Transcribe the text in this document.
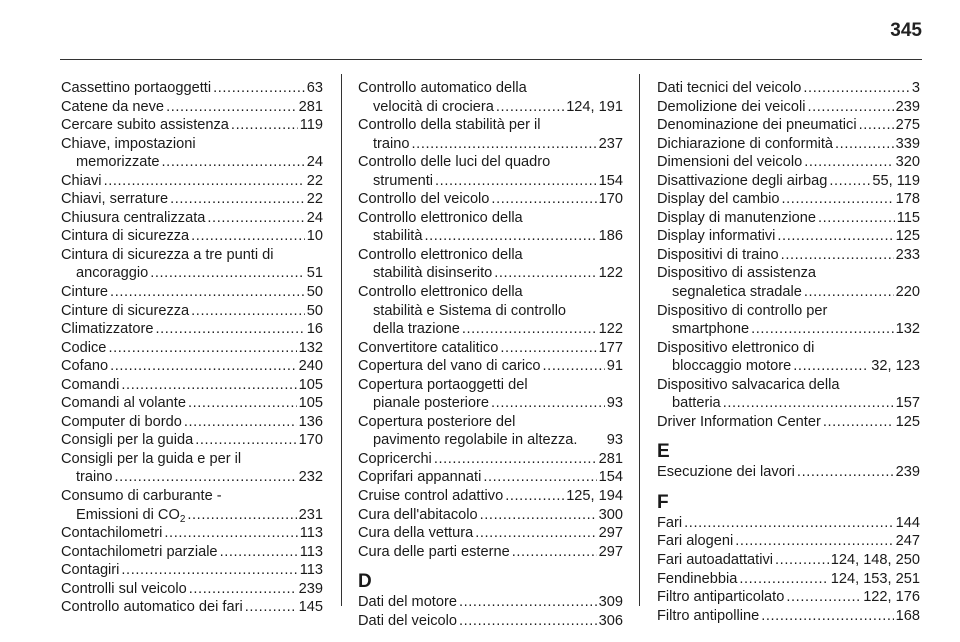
345
Cassettino portaoggetti .....	63
Catene da neve .....	281
Cercare subito assistenza .....	119
Chiave, impostazioni
memorizzate .....	24
Chiavi .....	22
Chiavi, serrature .....	22
Chiusura centralizzata .....	24
Cintura di sicurezza .....	10
Cintura di sicurezza a tre punti di
ancoraggio .....	51
Cinture .....	50
Cinture di sicurezza .....	50
Climatizzatore .....	16
Codice .....	132
Cofano .....	240
Comandi .....	105
Comandi al volante .....	105
Computer di bordo .....	136
Consigli per la guida .....	170
Consigli per la guida e per il
traino .....	232
Consumo di carburante -
Emissioni di $CO_2$ .....	231
Contachilometri .....	113
Contachilometri parziale .....	113
Contagiri .....	113
Controlli sul veicolo .....	239
Controllo automatico dei fari .....	145
Controllo automatico della
velocità di crociera .....	124, 191
Controllo della stabilità per il
traino .....	237
Controllo delle luci del quadro
strumenti .....	154
Controllo del veicolo .....	170
Controllo elettronico della
stabilità .....	186
Controllo elettronico della
stabilità disinserito .....	122
Controllo elettronico della
stabilità e Sistema di controllo
della trazione .....	122
Convertitore catalitico .....	177
Copertura del vano di carico .....	91
Copertura portaoggetti del
pianale posteriore .....	93
Copertura posteriore del
pavimento regolabile in altezza. 93
Copricerchi .....	281
Coprifari appannati .....	154
Cruise control adattivo .....	125, 194
Cura dell'abitacolo .....	300
Cura della vettura .....	297
Cura delle parti esterne .....	297
D
Dati del motore .....	309
Dati del veicolo .....	306
Dati tecnici del veicolo .....	3
Demolizione dei veicoli .....	239
Denominazione dei pneumatici .....	275
Dichiarazione di conformità .....	339
Dimensioni del veicolo .....	320
Disattivazione degli airbag .....	55, 119
Display del cambio .....	178
Display di manutenzione .....	115
Display informativi .....	125
Dispositivi di traino .....	233
Dispositivo di assistenza
segnaletica stradale .....	220
Dispositivo di controllo per
smartphone .....	132
Dispositivo elettronico di
bloccaggio motore .....	32, 123
Dispositivo salvacarica della
batteria .....	157
Driver Information Center .....	125
E
Esecuzione dei lavori .....	239
F
Fari .....	144
Fari alogeni .....	247
Fari autoadattativi .....	124, 148, 250
Fendinebbia .....	124, 153, 251
Filtro antiparticolato .....	122, 176
Filtro antipolline .....	168
